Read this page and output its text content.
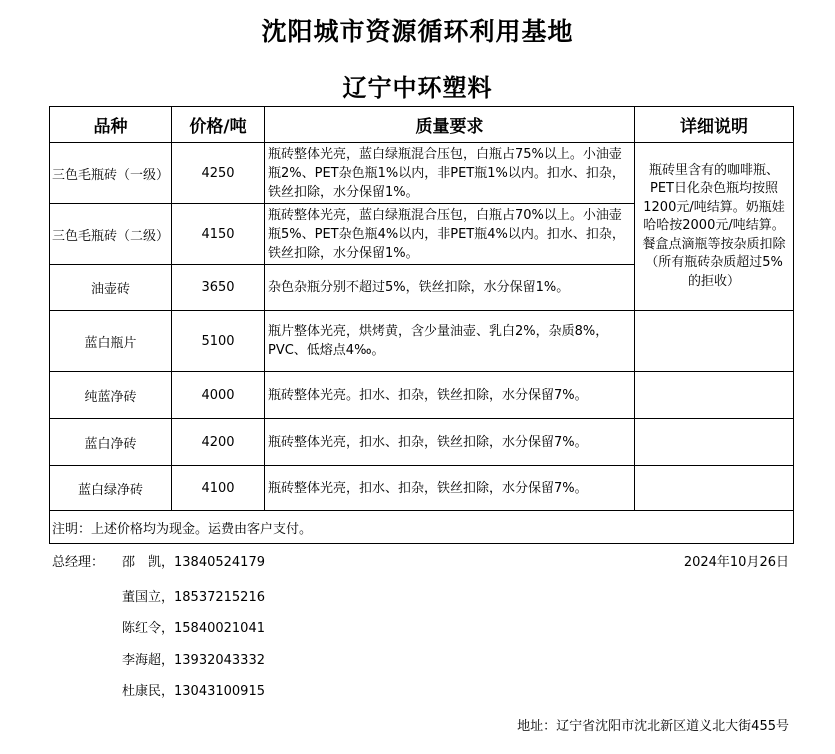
沈阳城市资源循环利用基地
辽宁中环塑料
品种	价格/吨	质量要求	详细说明
三色毛瓶砖（一级）	4250	瓶砖整体光亮，蓝白绿瓶混合压包，白瓶占75%以上。小油壶瓶2%、PET杂色瓶1%以内，非PET瓶1%以内。扣水、扣杂，铁丝扣除，水分保留1%。	瓶砖里含有的咖啡瓶、PET日化杂色瓶均按照1200元/吨结算。奶瓶娃哈哈按2000元/吨结算。餐盒点滴瓶等按杂质扣除（所有瓶砖杂质超过5%的拒收）
三色毛瓶砖（二级）	4150	瓶砖整体光亮，蓝白绿瓶混合压包，白瓶占70%以上。小油壶瓶5%、PET杂色瓶4%以内，非PET瓶4%以内。扣水、扣杂，铁丝扣除，水分保留1%。	
油壶砖	3650	杂色杂瓶分别不超过5%，铁丝扣除，水分保留1%。	
蓝白瓶片	5100	瓶片整体光亮，烘烤黄，含少量油壶、乳白2%，杂质8%，PVC、低熔点4‰。	
纯蓝净砖	4000	瓶砖整体光亮。扣水、扣杂，铁丝扣除，水分保留7%。	
蓝白净砖	4200	瓶砖整体光亮，扣水、扣杂，铁丝扣除，水分保留7%。	
蓝白绿净砖	4100	瓶砖整体光亮，扣水、扣杂，铁丝扣除，水分保留7%。	
注明：上述价格均为现金。运费由客户支付。			
总经理： 邵　凯，13840524179	2024年10月26日
董国立，18537215216
陈红令，15840021041
李海超，13932043332
杜康民，13043100915
地址：辽宁省沈阳市沈北新区道义北大街455号
